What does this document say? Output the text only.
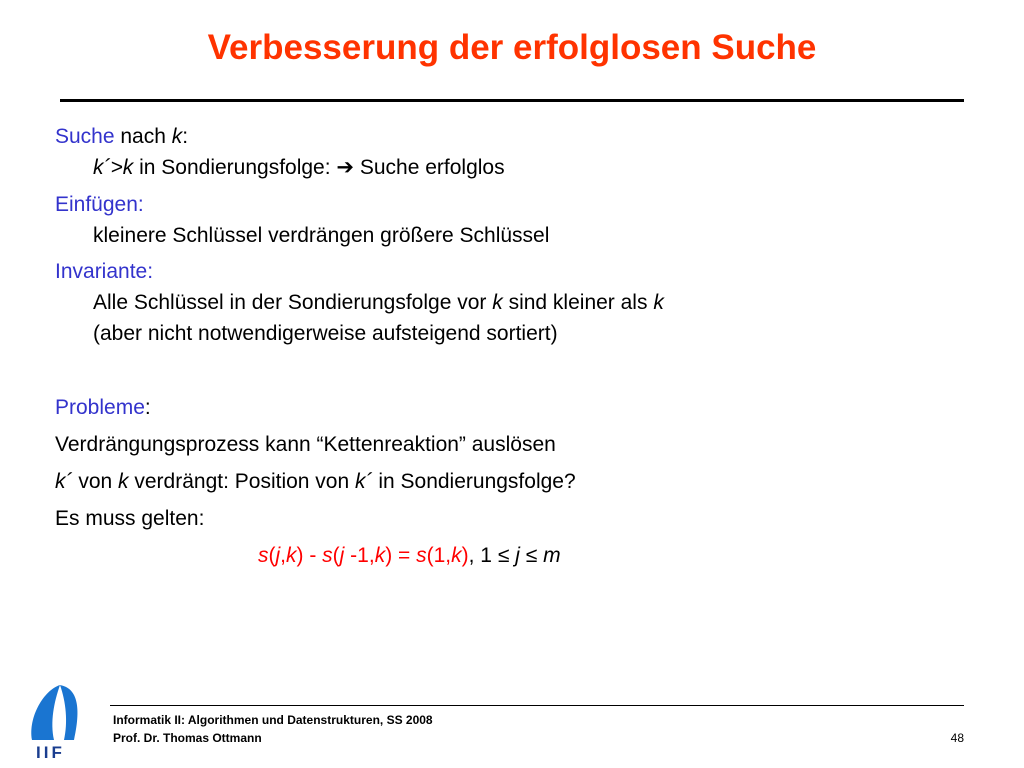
Verbesserung der erfolglosen Suche
Suche nach k:
k´>k in Sondierungsfolge: ➔ Suche erfolglos
Einfügen:
kleinere Schlüssel verdrängen größere Schlüssel
Invariante:
Alle Schlüssel in der Sondierungsfolge vor k sind kleiner als k
(aber nicht notwendigerweise aufsteigend sortiert)
Probleme:
Verdrängungsprozess kann “Kettenreaktion” auslösen
k´ von k verdrängt: Position von k´ in Sondierungsfolge?
Es muss gelten:
s(j,k) - s(j -1,k) = s(1,k), 1 ≤ j ≤ m
IIF
Informatik II: Algorithmen und Datenstrukturen, SS 2008
Prof. Dr. Thomas Ottmann	48
